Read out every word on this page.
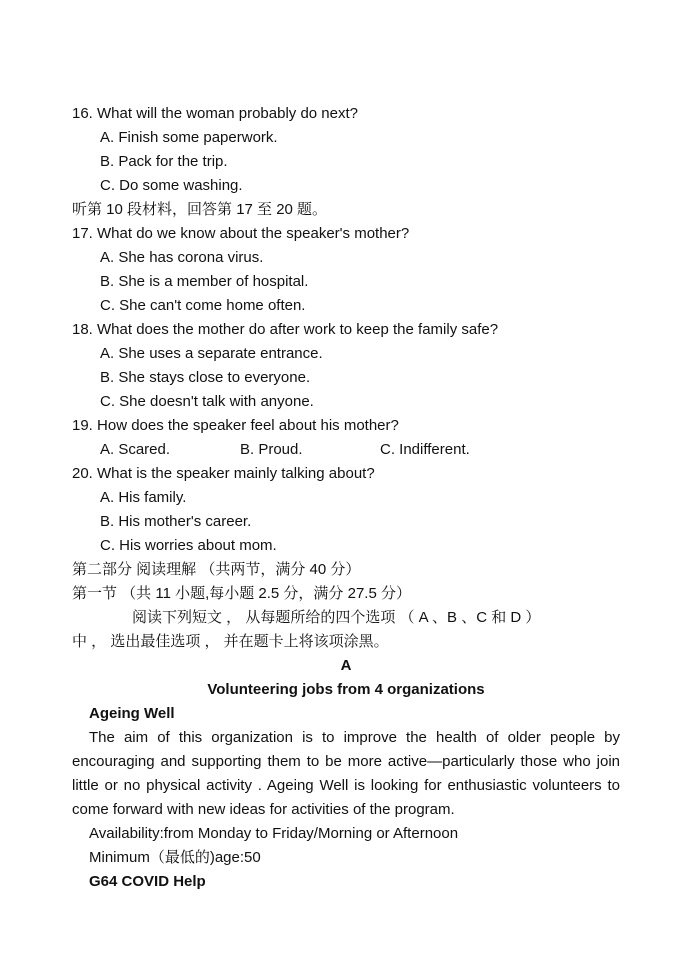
16. What will the woman probably do next?
A. Finish some paperwork.
B. Pack for the trip.
C. Do some washing.
听第 10 段材料，回答第 17 至 20 题。
17. What do we know about the speaker's mother?
A. She has corona virus.
B. She is a member of hospital.
C. She can't come home often.
18. What does the mother do after work to keep the family safe?
A. She uses a separate entrance.
B. She stays close to everyone.
C. She doesn't talk with anyone.
19. How does the speaker feel about his mother?
A. Scared.	B. Proud.	C. Indifferent.
20. What is the speaker mainly talking about?
A. His family.
B. His mother's career.
C. His worries about mom.
第二部分 阅读理解 （共两节，满分 40 分）
第一节 （共 11 小题,每小题 2.5 分，满分 27.5 分）
阅读下列短文 ， 从每题所给的四个选项 （ A 、B 、C 和 D ）
中 ， 选出最佳选项 ， 并在题卡上将该项涂黑。
A
Volunteering jobs from 4 organizations
Ageing Well
The aim of this organization is to improve the health of older people by encouraging and supporting them to be more active—particularly those who join little or no physical activity . Ageing Well is looking for enthusiastic volunteers to come forward with new ideas for activities of the program.
Availability:from Monday to Friday/Morning or Afternoon
Minimum（最低的)age:50
G64 COVID Help
